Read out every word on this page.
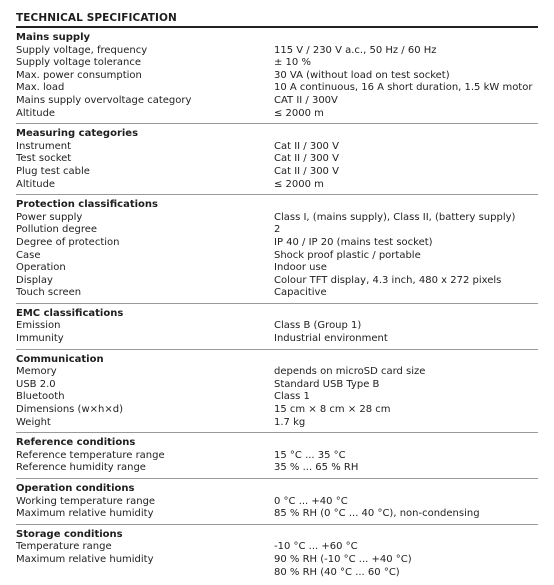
TECHNICAL SPECIFICATION
Mains supply
Supply voltage, frequency	115 V / 230 V a.c., 50 Hz / 60 Hz
Supply voltage tolerance	± 10 %
Max. power consumption	30 VA (without load on test socket)
Max. load	10 A continuous, 16 A short duration, 1.5 kW motor
Mains supply overvoltage category	CAT II / 300V
Altitude	≤ 2000 m
Measuring categories
Instrument	Cat II / 300 V
Test socket	Cat II / 300 V
Plug test cable	Cat II / 300 V
Altitude	≤ 2000 m
Protection classifications
Power supply	Class I, (mains supply), Class II, (battery supply)
Pollution degree	2
Degree of protection	IP 40 / IP 20 (mains test socket)
Case	Shock proof plastic / portable
Operation	Indoor use
Display	Colour TFT display, 4.3 inch, 480 x 272 pixels
Touch screen	Capacitive
EMC classifications
Emission	Class B (Group 1)
Immunity	Industrial environment
Communication
Memory	depends on microSD card size
USB 2.0	Standard USB Type B
Bluetooth	Class 1
Dimensions (w×h×d)	15 cm × 8 cm × 28 cm
Weight	1.7 kg
Reference conditions
Reference temperature range	15 °C ... 35 °C
Reference humidity range	35 % ... 65 % RH
Operation conditions
Working temperature range	0 °C ... +40 °C
Maximum relative humidity	85 % RH (0 °C ... 40 °C), non-condensing
Storage conditions
Temperature range	-10 °C ... +60 °C
Maximum relative humidity	90 % RH (-10 °C ... +40 °C)
80 % RH (40 °C ... 60 °C)
